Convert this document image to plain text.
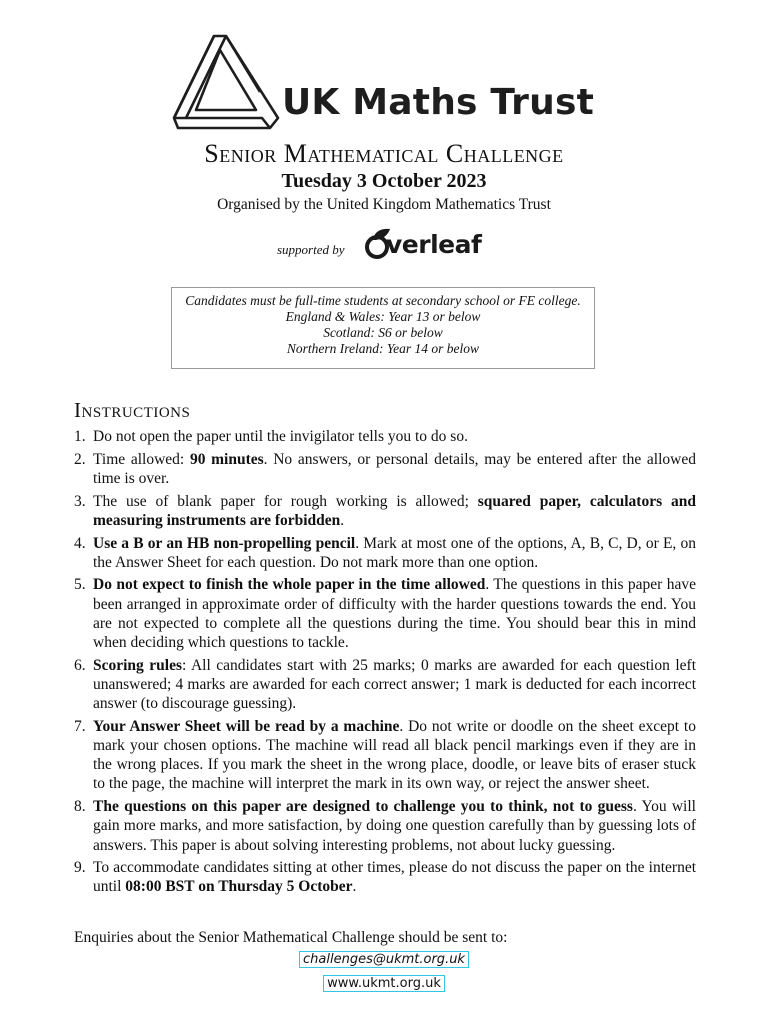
UK Maths Trust
Senior Mathematical Challenge
Tuesday 3 October 2023
Organised by the United Kingdom Mathematics Trust
supported by verleaf
Candidates must be full-time students at secondary school or FE college.
England & Wales: Year 13 or below
Scotland: S6 or below
Northern Ireland: Year 14 or below
Instructions
1. Do not open the paper until the invigilator tells you to do so.
2. Time allowed: 90 minutes. No answers, or personal details, may be entered after the allowed time is over.
3. The use of blank paper for rough working is allowed; squared paper, calculators and measuring instruments are forbidden.
4. Use a B or an HB non-propelling pencil. Mark at most one of the options, A, B, C, D, or E, on the Answer Sheet for each question. Do not mark more than one option.
5. Do not expect to finish the whole paper in the time allowed. The questions in this paper have been arranged in approximate order of difficulty with the harder questions towards the end. You are not expected to complete all the questions during the time. You should bear this in mind when deciding which questions to tackle.
6. Scoring rules: All candidates start with 25 marks; 0 marks are awarded for each question left unanswered; 4 marks are awarded for each correct answer; 1 mark is deducted for each incorrect answer (to discourage guessing).
7. Your Answer Sheet will be read by a machine. Do not write or doodle on the sheet except to mark your chosen options. The machine will read all black pencil markings even if they are in the wrong places. If you mark the sheet in the wrong place, doodle, or leave bits of eraser stuck to the page, the machine will interpret the mark in its own way, or reject the answer sheet.
8. The questions on this paper are designed to challenge you to think, not to guess. You will gain more marks, and more satisfaction, by doing one question carefully than by guessing lots of answers. This paper is about solving interesting problems, not about lucky guessing.
9. To accommodate candidates sitting at other times, please do not discuss the paper on the internet until 08:00 BST on Thursday 5 October.
Enquiries about the Senior Mathematical Challenge should be sent to:
challenges@ukmt.org.uk
www.ukmt.org.uk
